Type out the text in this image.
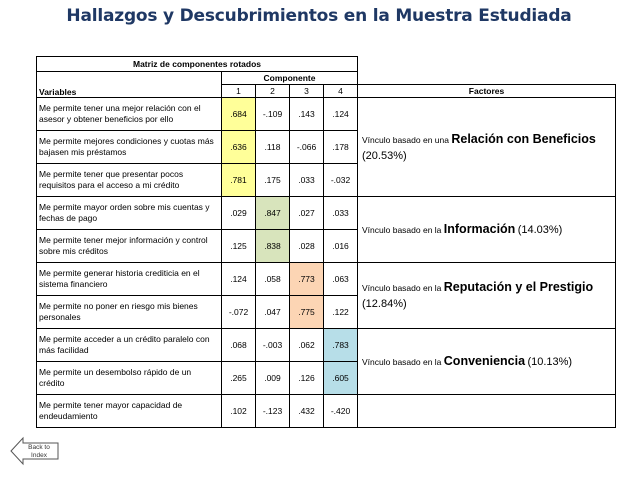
Hallazgos y Descubrimientos en la Muestra Estudiada
Matriz de componentes rotados					
Variables	Componente				
	1	2	3	4	Factores
Me permite tener una mejor relación con el asesor y obtener beneficios por ello	.684	-.109	.143	.124	Vínculo basado en una Relación con Beneficios (20.53%)
Me permite mejores condiciones y cuotas más bajasen mis préstamos	.636	.118	-.066	.178	
Me permite tener que presentar pocos requisitos para el acceso a mi crédito	.781	.175	.033	-.032	
Me permite mayor orden sobre mis cuentas y fechas de pago	.029	.847	.027	.033	Vínculo basado en la Información (14.03%)
Me permite tener mejor información y control sobre mis créditos	.125	.838	.028	.016	
Me permite generar historia crediticia en el sistema financiero	.124	.058	.773	.063	Vínculo basado en la Reputación y el Prestigio (12.84%)
Me permite no poner en riesgo mis bienes personales	-.072	.047	.775	.122	
Me permite acceder a un crédito paralelo con más facilidad	.068	-.003	.062	.783	Vínculo basado en la Conveniencia (10.13%)
Me permite un desembolso rápido de un crédito	.265	.009	.126	.605	
Me permite tener mayor capacidad de endeudamiento	.102	-.123	.432	-.420	
Back to Index
